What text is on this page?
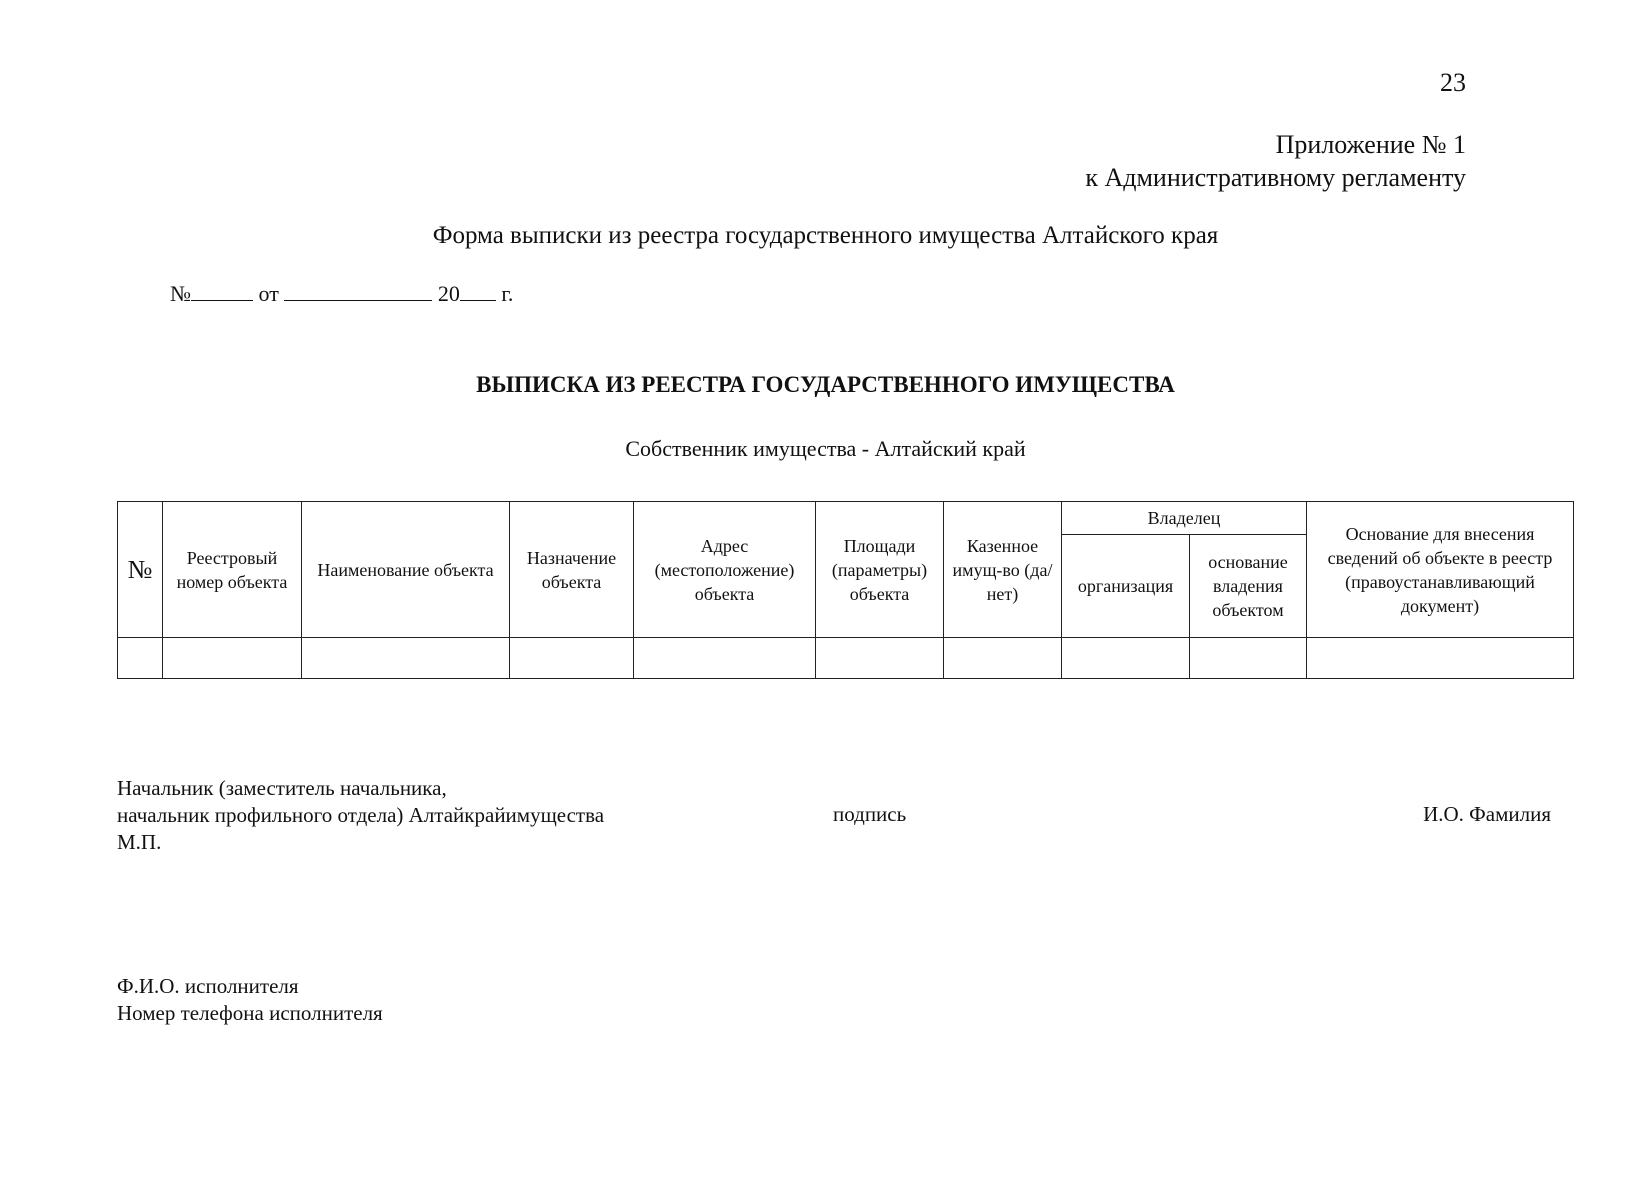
23
Приложение № 1
к Административному регламенту
Форма выписки из реестра государственного имущества Алтайского края
№	от	20 г.
ВЫПИСКА ИЗ РЕЕСТРА ГОСУДАРСТВЕННОГО ИМУЩЕСТВА
Собственник имущества - Алтайский край
№	Реестровый номер объекта	Наименование объекта	Назначение объекта	Адрес (местоположение) объекта	Площади (параметры) объекта	Казенное имущ-во (да/нет)	Владелец		Основание для внесения сведений об объекте в реестр (правоустанавливающий документ)
							организация	основание владения объектом	

Начальник (заместитель начальника,
начальник профильного отдела) Алтайкрайимущества
М.П.
подпись	И.О. Фамилия
Ф.И.О. исполнителя
Номер телефона исполнителя
